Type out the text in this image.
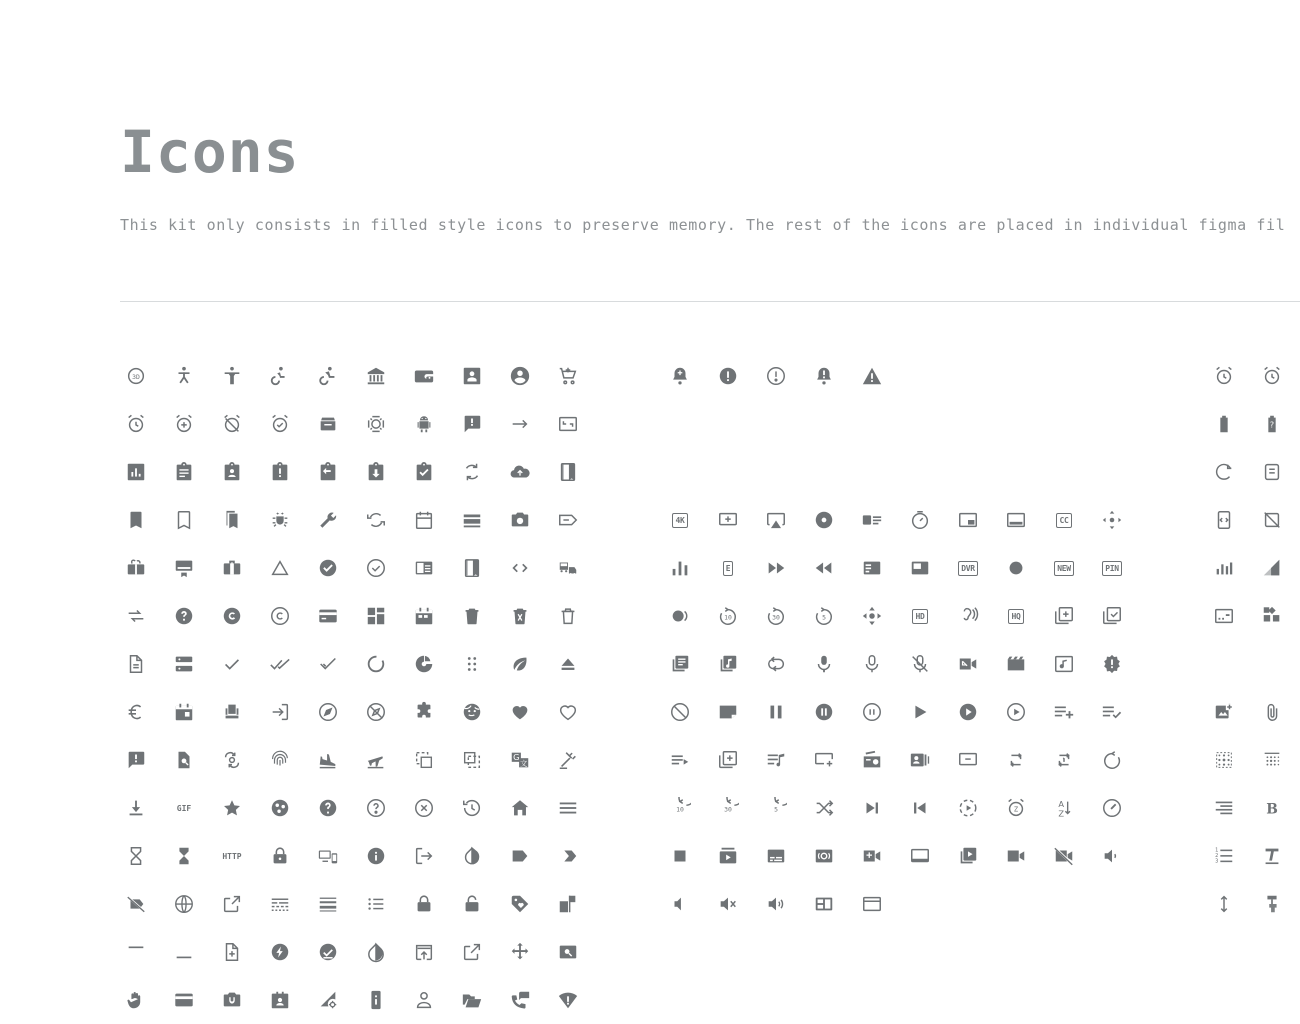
Icons
This kit only consists in filled style icons to preserve memory. The rest of the icons are placed in individual figma fil
3D
G
文
GIF
HTTP
4K	CC
E	DVR	NEW	PIN
10	30	5	HD	HQ
10	30	5	Z
A
Z
?
B
1
2
3
